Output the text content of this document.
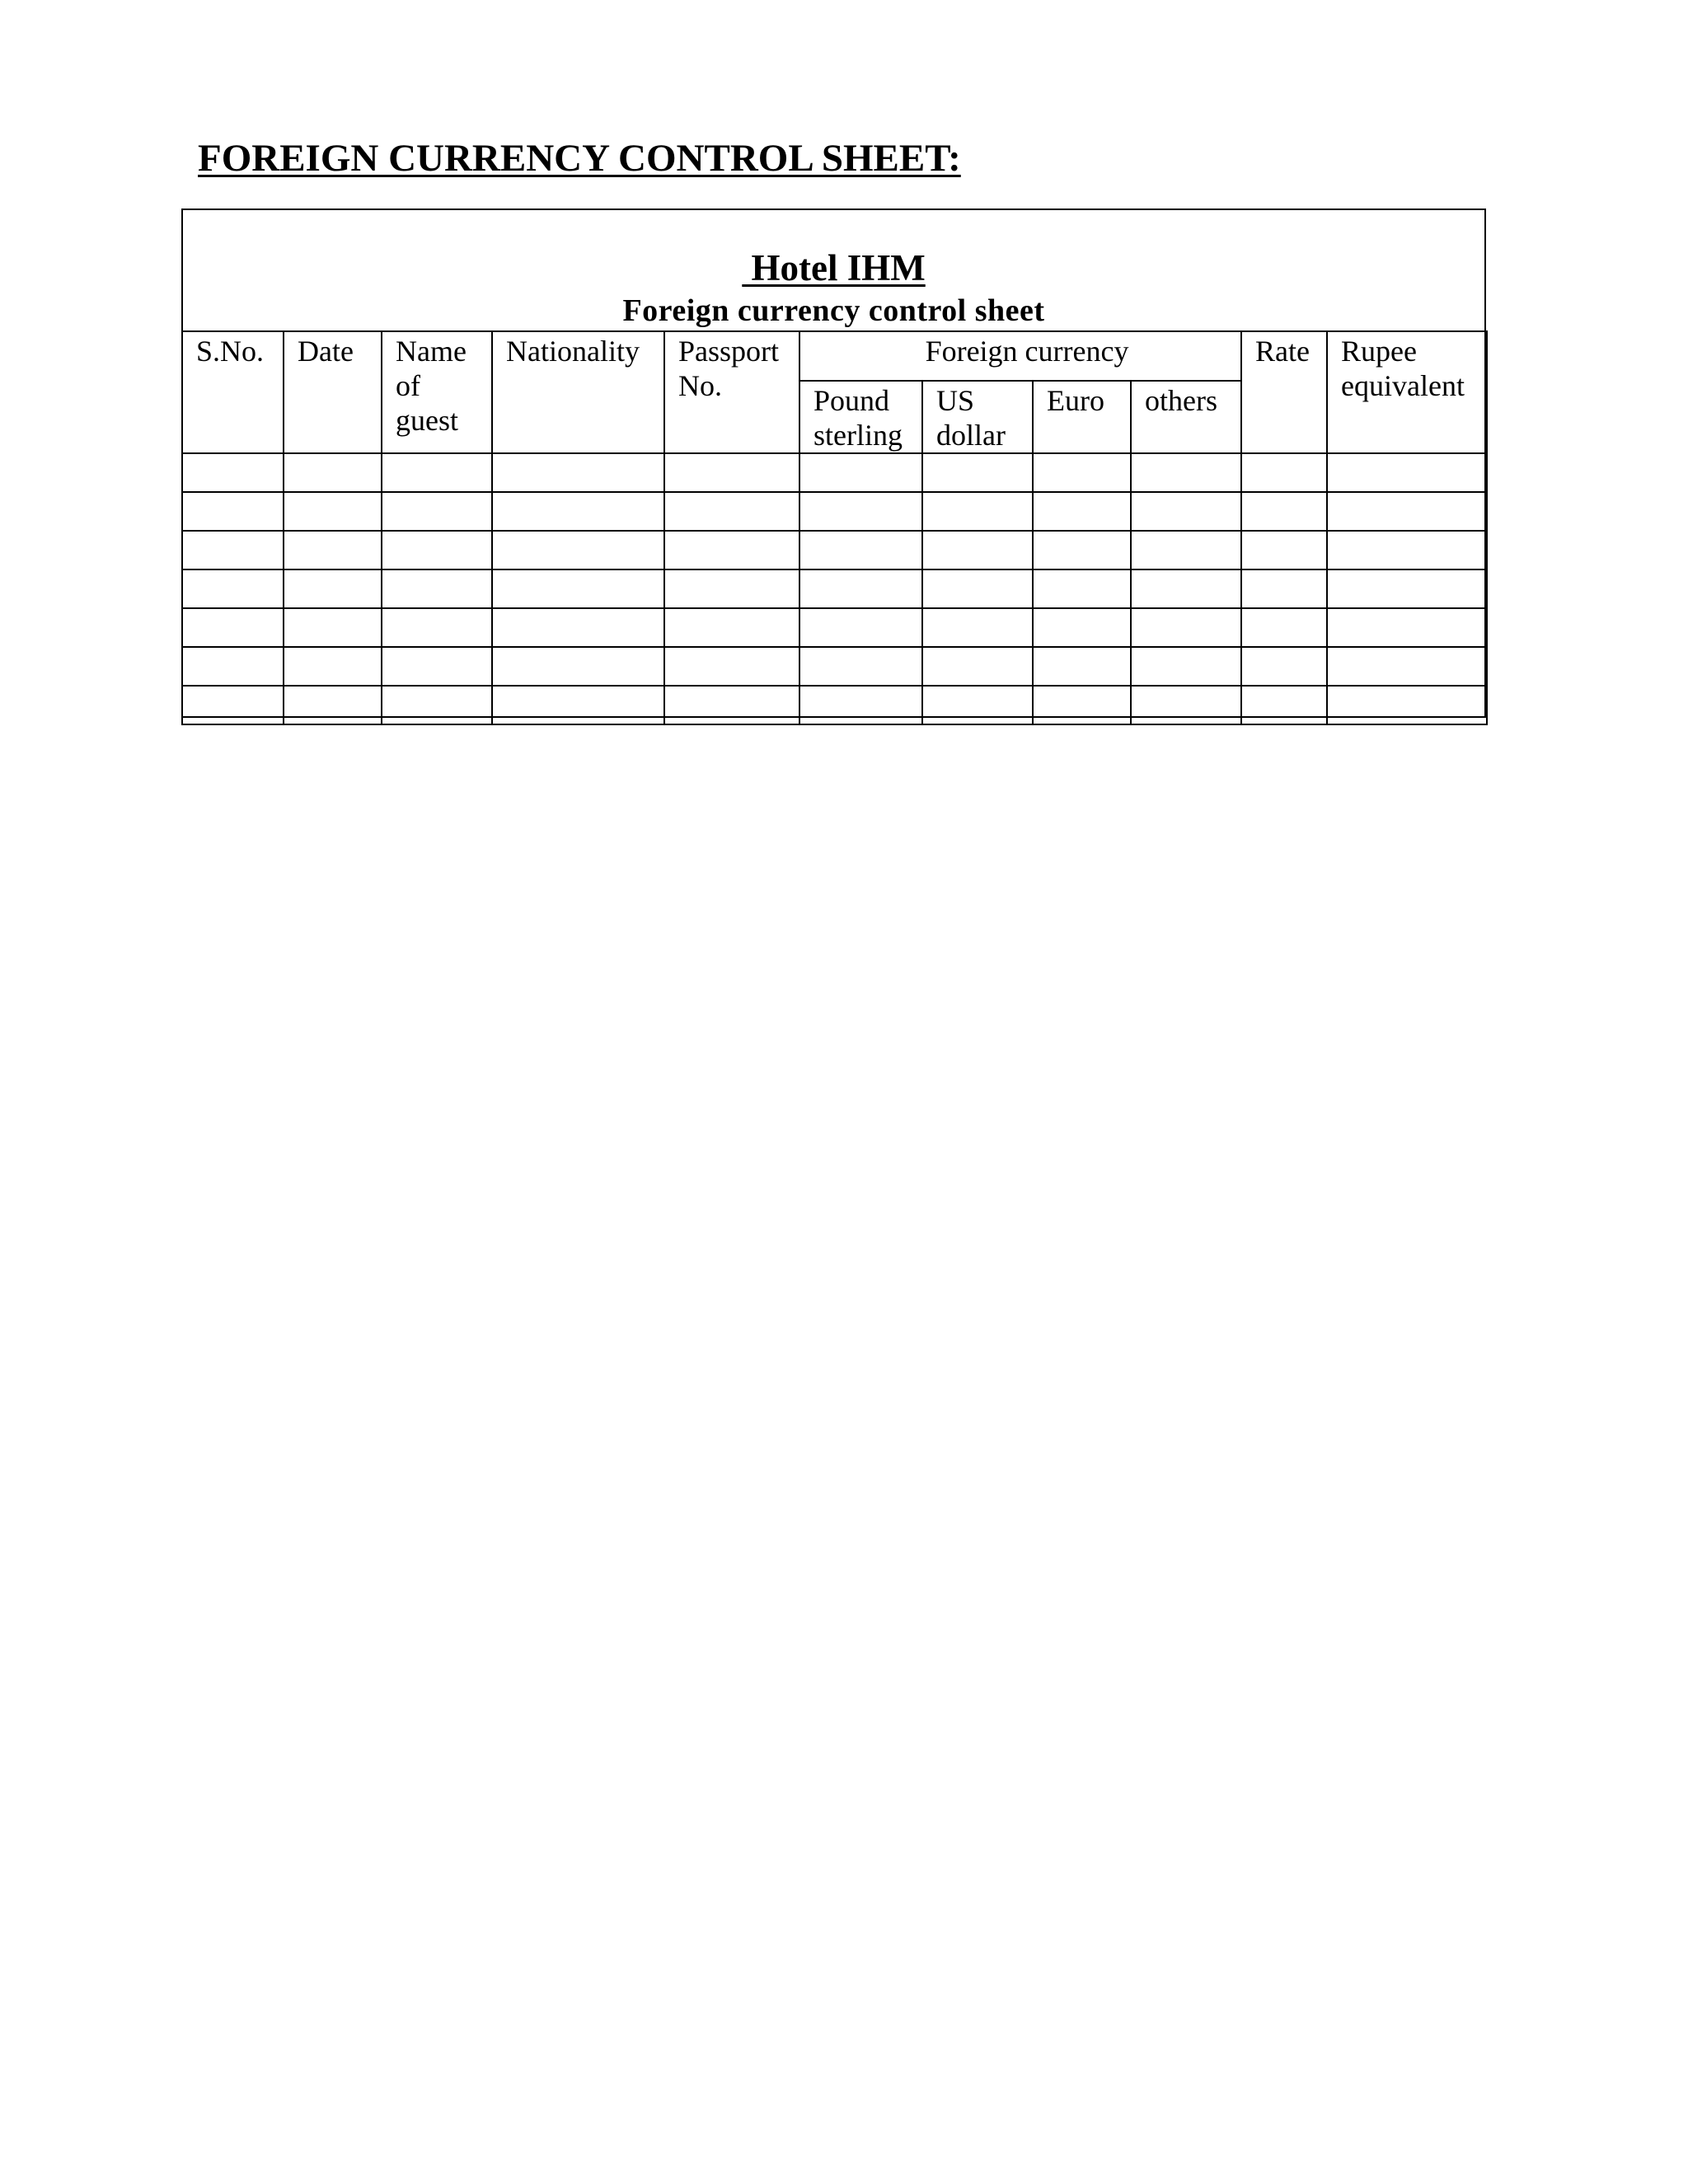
FOREIGN CURRENCY CONTROL SHEET:
Hotel IHM
Foreign currency control sheet
S.No.	Date	Name of guest	Nationality	Passport No.	Foreign currency				Rate	Rupee equivalent

					Pound sterling	US dollar	Euro	others		
